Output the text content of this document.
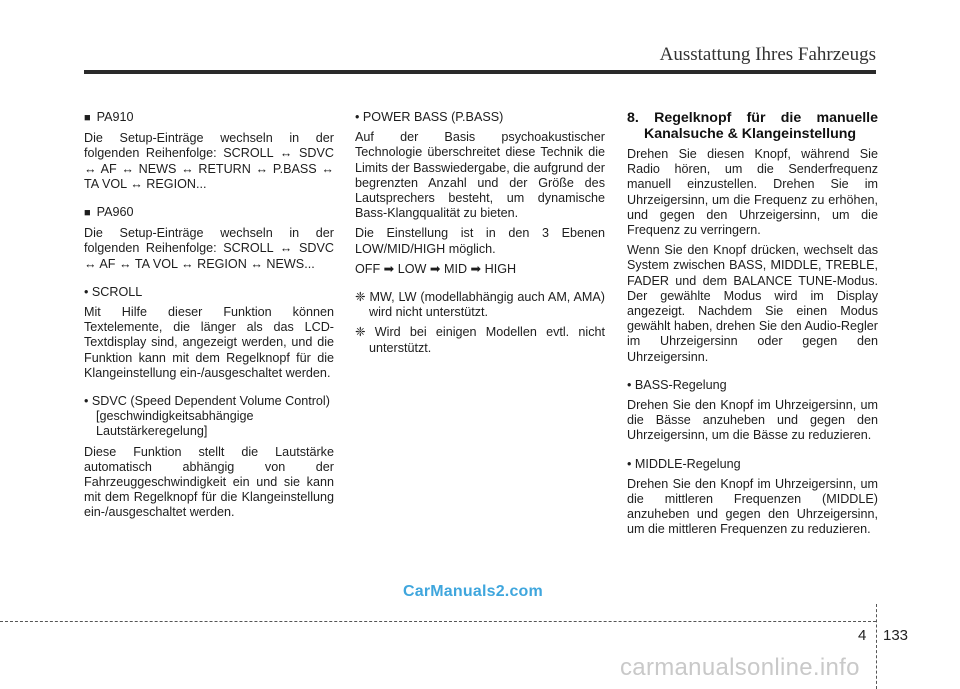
Ausstattung Ihres Fahrzeugs

■ PA910

Die Setup-Einträge wechseln in der folgenden Reihenfolge: SCROLL ↔ SDVC ↔ AF ↔ NEWS ↔ RETURN ↔ P.BASS ↔ TA VOL ↔ REGION...

■ PA960

Die Setup-Einträge wechseln in der folgenden Reihenfolge: SCROLL ↔ SDVC ↔ AF ↔ TA VOL ↔ REGION ↔ NEWS...

• SCROLL

Mit Hilfe dieser Funktion können Textelemente, die länger als das LCD-Textdisplay sind, angezeigt werden, und die Funktion kann mit dem Regelknopf für die Klangeinstellung ein-/ausgeschaltet werden.

• SDVC (Speed Dependent Volume Control) [geschwindigkeitsabhängige Lautstärkeregelung]

Diese Funktion stellt die Lautstärke automatisch abhängig von der Fahrzeuggeschwindigkeit ein und sie kann mit dem Regelknopf für die Klangeinstellung ein-/ausgeschaltet werden.

• POWER BASS (P.BASS)

Auf der Basis psychoakustischer Technologie überschreitet diese Technik die Limits der Basswiedergabe, die aufgrund der begrenzten Anzahl und der Größe des Lautsprechers besteht, um dynamische Bass-Klangqualität zu bieten.

Die Einstellung ist in den 3 Ebenen LOW/MID/HIGH möglich.

OFF ➡ LOW ➡ MID ➡ HIGH

❈ MW, LW (modellabhängig auch AM, AMA) wird nicht unterstützt.

❈ Wird bei einigen Modellen evtl. nicht unterstützt.

8. Regelknopf für die manuelle Kanalsuche & Klangeinstellung

Drehen Sie diesen Knopf, während Sie Radio hören, um die Senderfrequenz manuell einzustellen. Drehen Sie im Uhrzeigersinn, um die Frequenz zu erhöhen, und gegen den Uhrzeigersinn, um die Frequenz zu verringern.

Wenn Sie den Knopf drücken, wechselt das System zwischen BASS, MIDDLE, TREBLE, FADER und dem BALANCE TUNE-Modus. Der gewählte Modus wird im Display angezeigt. Nachdem Sie einen Modus gewählt haben, drehen Sie den Audio-Regler im Uhrzeigersinn oder gegen den Uhrzeigersinn.

• BASS-Regelung

Drehen Sie den Knopf im Uhrzeigersinn, um die Bässe anzuheben und gegen den Uhrzeigersinn, um die Bässe zu reduzieren.

• MIDDLE-Regelung

Drehen Sie den Knopf im Uhrzeigersinn, um die mittleren Frequenzen (MIDDLE) anzuheben und gegen den Uhrzeigersinn, um die mittleren Frequenzen zu reduzieren.

CarManuals2.com
4 133
carmanualsonline.info
